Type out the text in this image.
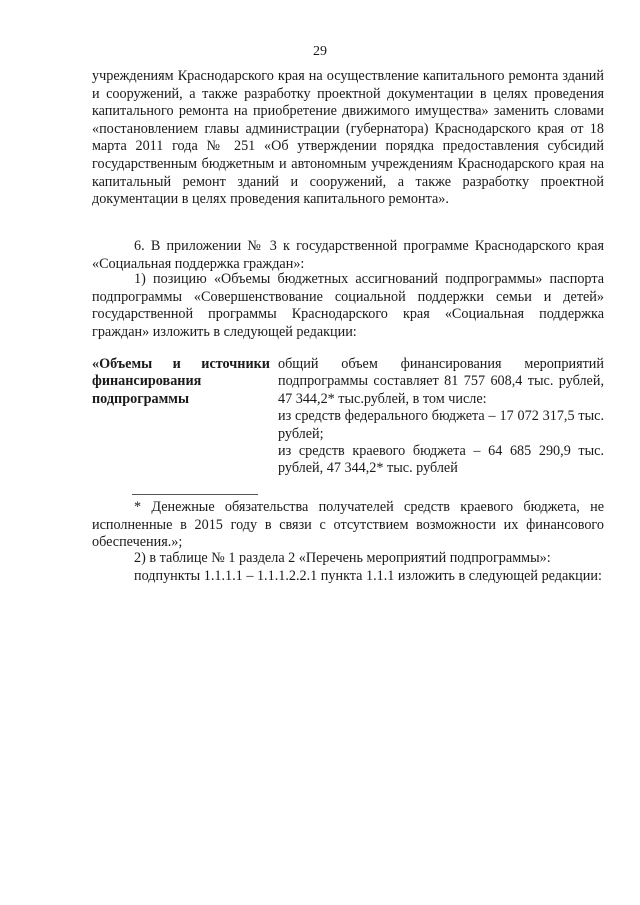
29

учреждениям Краснодарского края на осуществление капитального ремонта зданий и сооружений, а также разработку проектной документации в целях проведения капитального ремонта на приобретение движимого имущества» заменить словами «постановлением главы администрации (губернатора) Краснодарского края от 18 марта 2011 года № 251 «Об утверждении порядка предоставления субсидий государственным бюджетным и автономным учреждениям Краснодарского края на капитальный ремонт зданий и сооружений, а также разработку проектной документации в целях проведения капитального ремонта».

6. В приложении № 3 к государственной программе Краснодарского края «Социальная поддержка граждан»:

1) позицию «Объемы бюджетных ассигнований подпрограммы» паспорта подпрограммы «Совершенствование социальной поддержки семьи и детей» государственной программы Краснодарского края «Социальная поддержка граждан» изложить в следующей редакции:

«Объемы и источники финансирования подпрограммы

общий объем финансирования мероприятий подпрограммы составляет 81 757 608,4 тыс. рублей, 47 344,2* тыс.рублей, в том числе:

из средств федерального бюджета – 17 072 317,5 тыс. рублей;

из средств краевого бюджета – 64 685 290,9 тыс. рублей, 47 344,2* тыс. рублей

* Денежные обязательства получателей средств краевого бюджета, не исполненные в 2015 году в связи с отсутствием возможности их финансового обеспечения.»;

2) в таблице № 1 раздела 2 «Перечень мероприятий подпрограммы»:

подпункты 1.1.1.1 – 1.1.1.2.2.1 пункта 1.1.1 изложить в следующей редакции:
